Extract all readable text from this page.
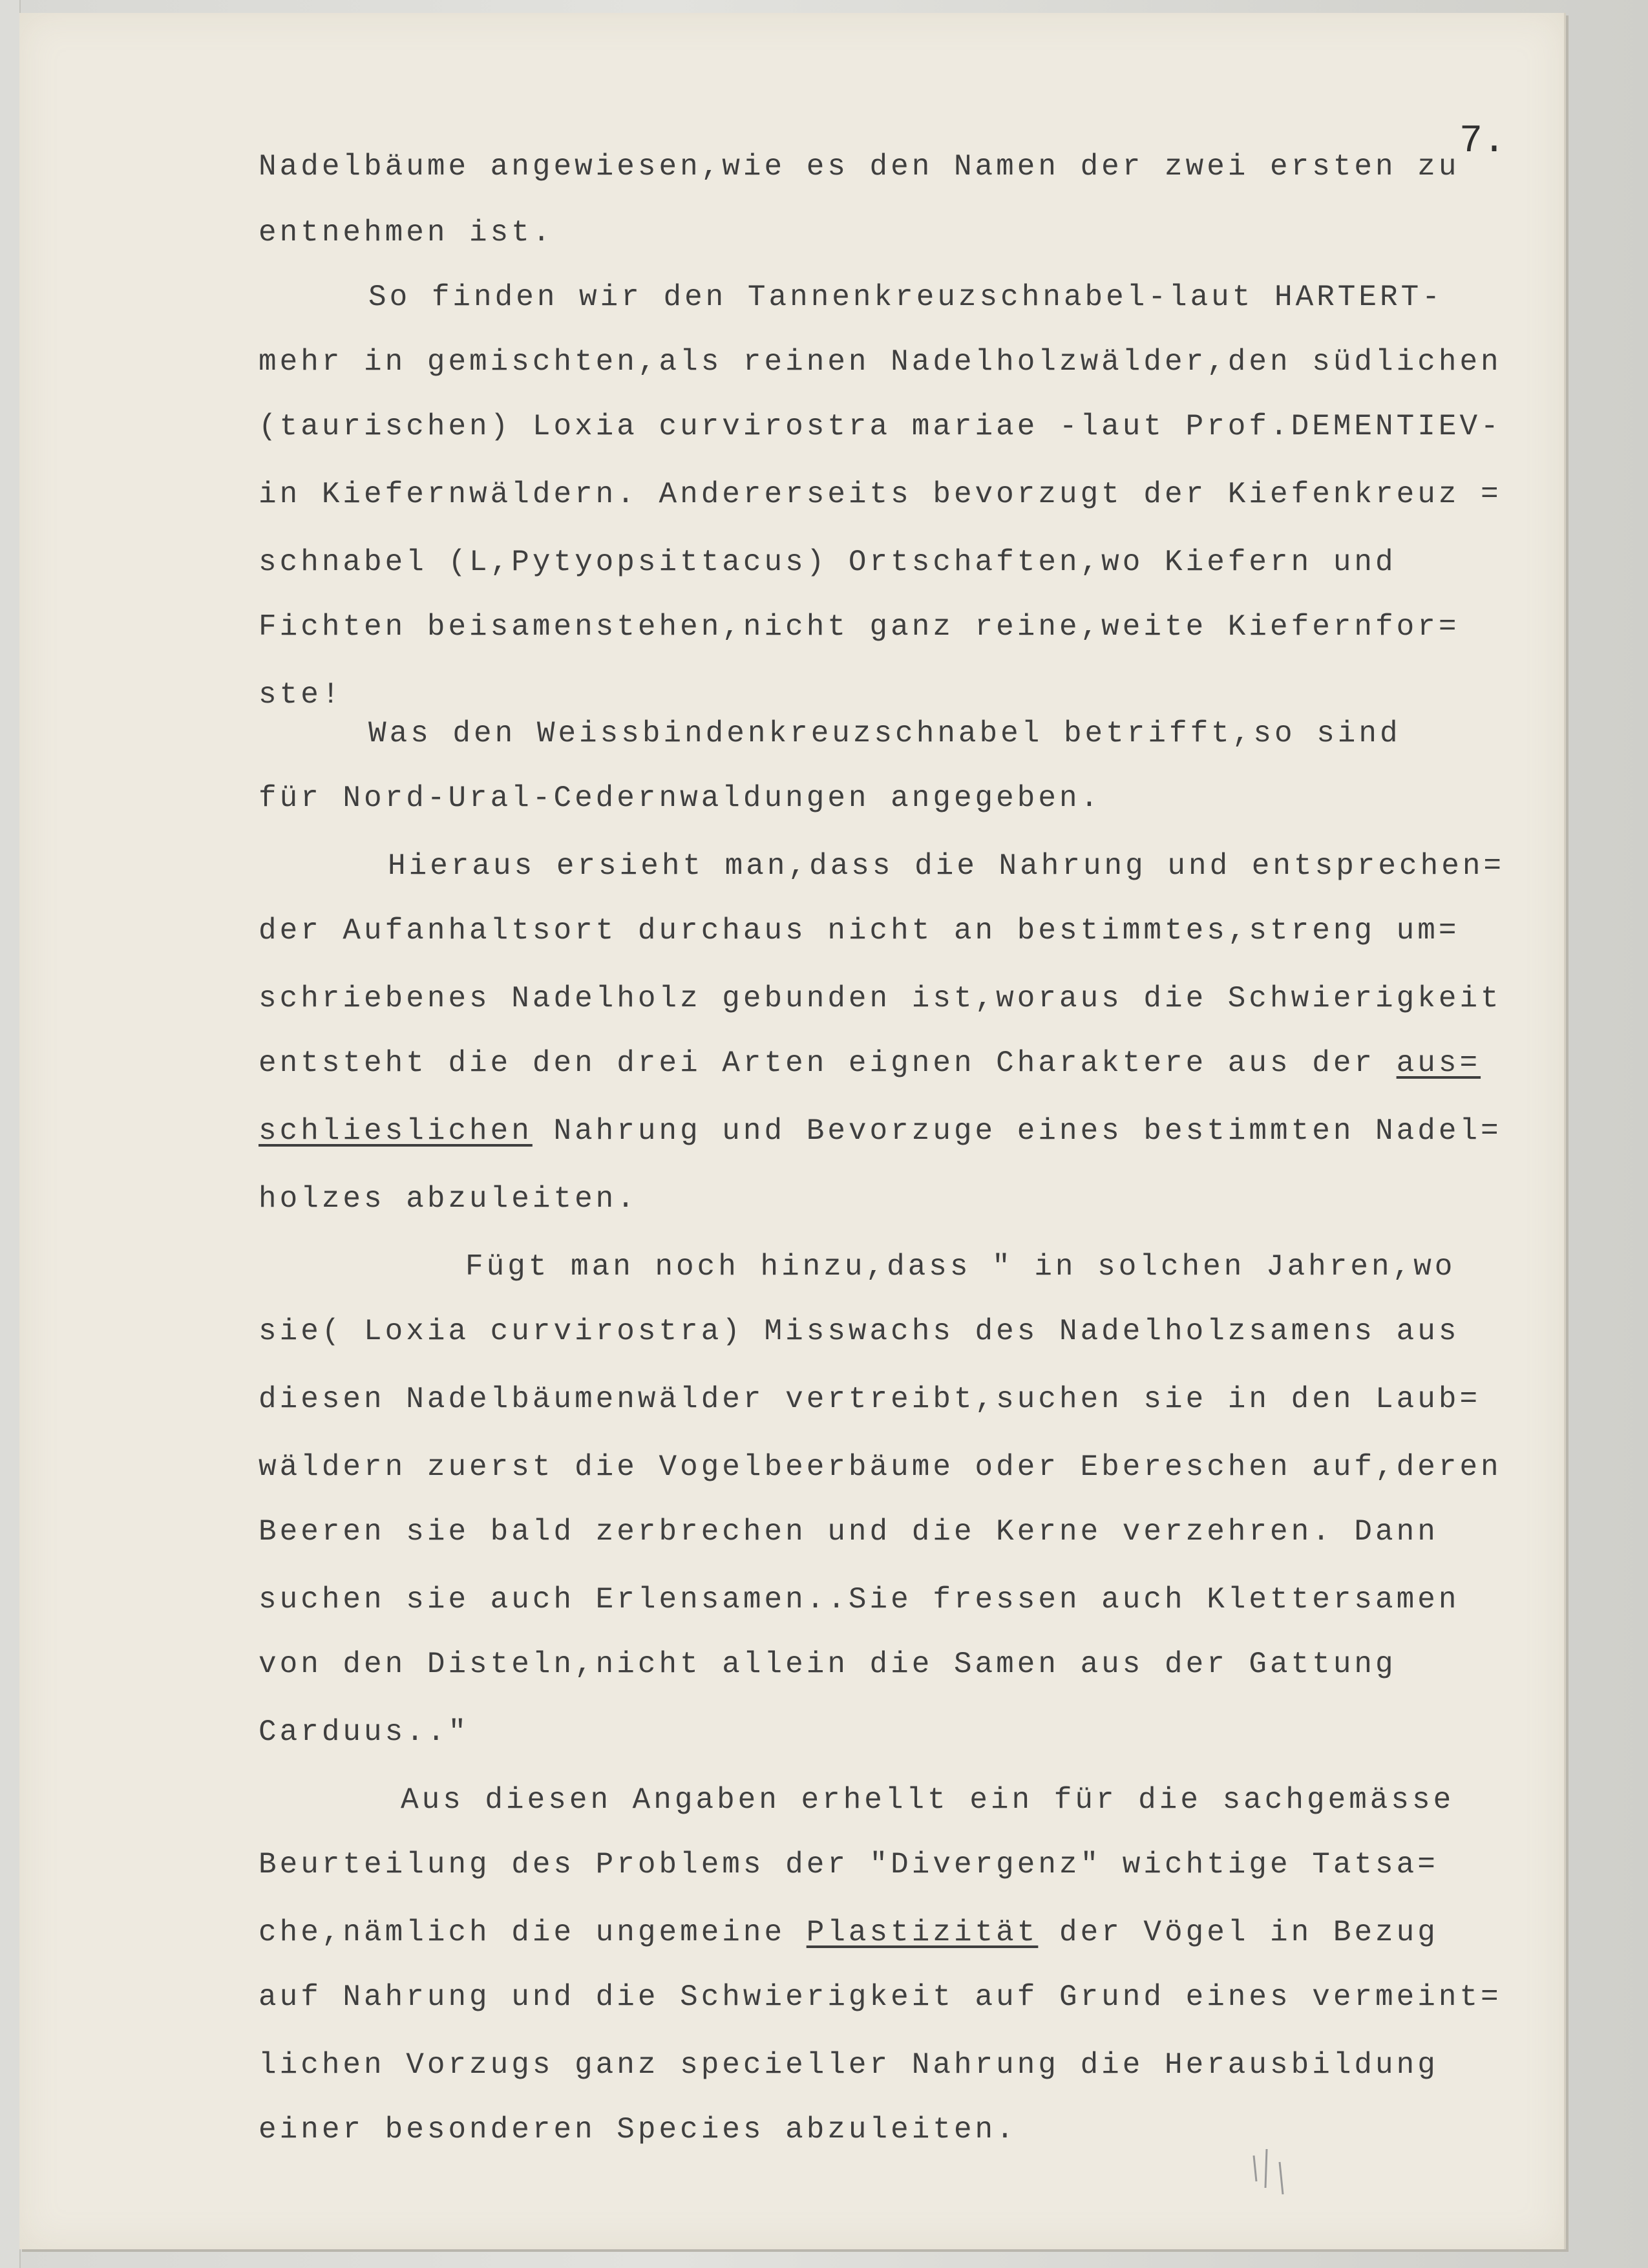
7.
Nadelbäume angewiesen,wie es den Namen der zwei ersten zu
entnehmen ist.
So finden wir den Tannenkreuzschnabel-laut HARTERT-
mehr in gemischten,als reinen Nadelholzwälder,den südlichen
(taurischen) Loxia curvirostra mariae -laut Prof.DEMENTIEV-
in Kiefernwäldern. Andererseits bevorzugt der Kiefenkreuz =
schnabel (L,Pytyopsittacus) Ortschaften,wo Kiefern und
Fichten beisamenstehen,nicht ganz reine,weite Kiefernfor=
ste!
Was den Weissbindenkreuzschnabel betrifft,so sind
für Nord-Ural-Cedernwaldungen angegeben.
Hieraus ersieht man,dass die Nahrung und entsprechen=
der Aufanhaltsort durchaus nicht an bestimmtes,streng um=
schriebenes Nadelholz gebunden ist,woraus die Schwierigkeit
entsteht die den drei Arten eignen Charaktere aus der aus=
schlieslichen Nahrung und Bevorzuge eines bestimmten Nadel=
holzes abzuleiten.
Fügt man noch hinzu,dass " in solchen Jahren,wo
sie( Loxia curvirostra) Misswachs des Nadelholzsamens aus
diesen Nadelbäumenwälder vertreibt,suchen sie in den Laub=
wäldern zuerst die Vogelbeerbäume oder Ebereschen auf,deren
Beeren sie bald zerbrechen und die Kerne verzehren. Dann
suchen sie auch Erlensamen..Sie fressen auch Klettersamen
von den Disteln,nicht allein die Samen aus der Gattung
Carduus.."
Aus diesen Angaben erhellt ein für die sachgemässe
Beurteilung des Problems der "Divergenz" wichtige Tatsa=
che,nämlich die ungemeine Plastizität der Vögel in Bezug
auf Nahrung und die Schwierigkeit auf Grund eines vermeint=
lichen Vorzugs ganz specieller Nahrung die Herausbildung
einer besonderen Species abzuleiten.
